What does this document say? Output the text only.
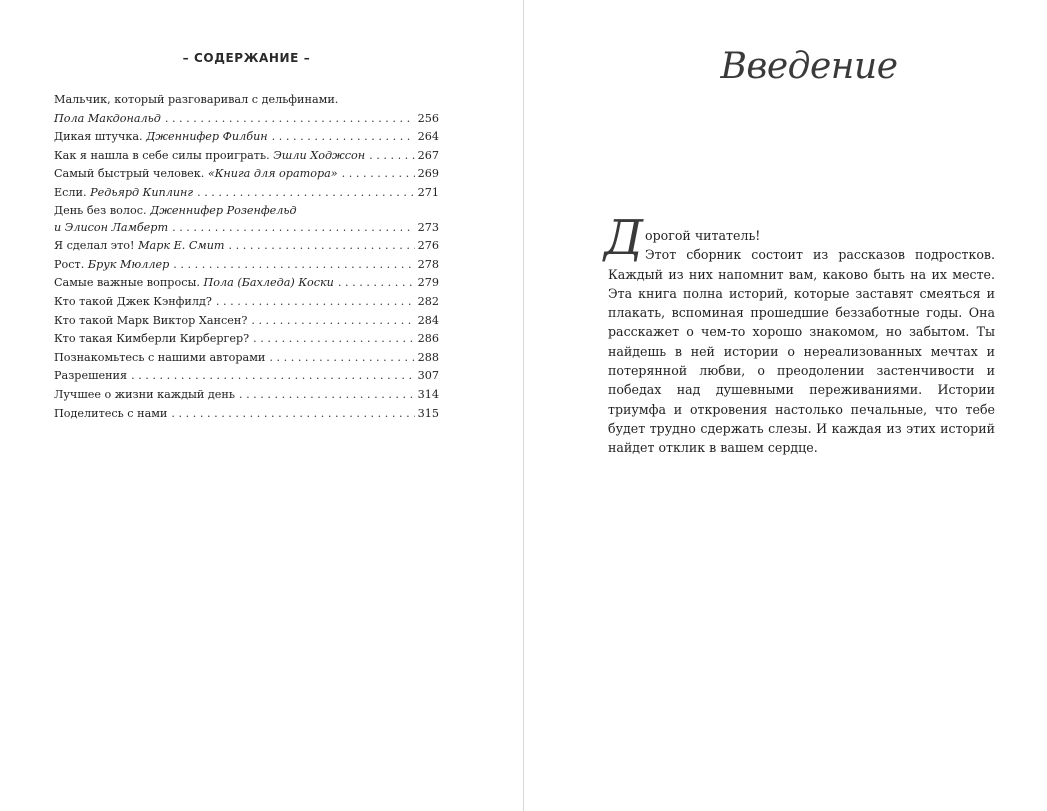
– СОДЕРЖАНИЕ –
Мальчик, который разговаривал с дельфинами.
Пола Макдональд . . .	256
Дикая штучка. Дженнифер Филбин . . .	264
Как я нашла в себе силы проиграть. Эшли Ходжсон . . .	267
Самый быстрый человек. «Книга для оратора» . . .	269
Если. Редьярд Киплинг . . .	271
День без волос. Дженнифер Розенфельд
и Элисон Ламберт . . .	273
Я сделал это! Марк Е. Смит . . .	276
Рост. Брук Мюллер . . .	278
Самые важные вопросы. Пола (Бахледа) Коски . . .	279
Кто такой Джек Кэнфилд? . . .	282
Кто такой Марк Виктор Хансен? . . .	284
Кто такая Кимберли Кирбергер? . . .	286
Познакомьтесь с нашими авторами . . .	288
Разрешения . . .	307
Лучшее о жизни каждый день . . .	314
Поделитесь с нами . . .	315
Введение
Д орогой читатель!

Этот сборник состоит из рассказов подростков. Каждый из них напомнит вам, каково быть на их месте. Эта книга полна историй, которые заставят смеяться и плакать, вспоминая прошедшие беззаботные годы. Она расскажет о чем-то хорошо знакомом, но забытом. Ты найдешь в ней истории о нереализованных мечтах и потерянной любви, о преодолении застенчивости и победах над душевными переживаниями. Истории триумфа и откровения настолько печальные, что тебе будет трудно сдержать слезы. И каждая из этих историй найдет отклик в вашем сердце.
